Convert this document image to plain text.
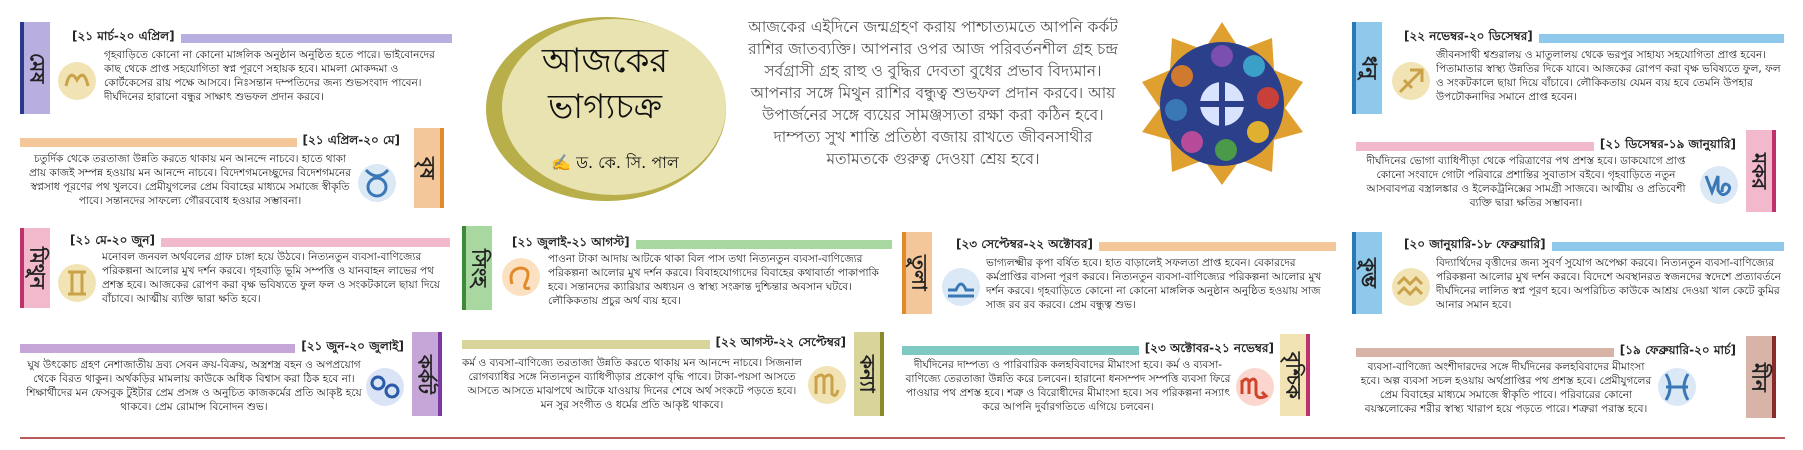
আজকের
ভাগ্যচক্র
✍ ড. কে. সি. পাল
আজকের এইদিনে জন্মগ্রহণ করায় পাশ্চাত্যমতে আপনি কর্কট রাশির জাতব্যক্তি। আপনার ওপর আজ পরিবর্তনশীল গ্রহ চন্দ্র সর্বগ্রাসী গ্রহ রাহু ও বুদ্ধির দেবতা বুধের প্রভাব বিদ্যমান। আপনার সঙ্গে মিথুন রাশির বন্ধুত্ব শুভফল প্রদান করবে। আয় উপার্জনের সঙ্গে ব্যয়ের সামঞ্জস্যতা রক্ষা করা কঠিন হবে। দাম্পত্য সুখ শান্তি প্রতিষ্ঠা বজায় রাখতে জীবনসাথীর মতামতকে গুরুত্ব দেওয়া শ্রেয় হবে।
মেষ
[২১ মার্চ-২০ এপ্রিল]
গৃহবাড়িতে কোনো না কোনো মাঙ্গলিক অনুষ্ঠান অনুষ্ঠিত হতে পারে। ভাইবোনদের কাছ থেকে প্রাপ্ত সহযোগিতা স্বপ্ন পূরণে সহায়ক হবে। মামলা মোকদ্দমা ও কোর্টকেসের রায় পক্ষে আসবে। নিঃসন্তান দম্পতিদের জন্য শুভসংবাদ পাবেন। দীর্ঘদিনের হারানো বন্ধুর সাক্ষাৎ শুভফল প্রদান করবে।
[২১ এপ্রিল-২০ মে]
বৃষ
চতুর্দিক থেকে তরতাজা উন্নতি করতে থাকায় মন আনন্দে নাচবে। হাতে থাকা প্রায় কাজই সম্পন্ন হওয়ায় মন আনন্দে নাচবে। বিদেশগমনেচ্ছুদের বিদেশগমনের স্বপ্নসাধ পূরণের পথ খুলবে। প্রেমীযুগলের প্রেম বিবাহের মাধ্যমে সমাজে স্বীকৃতি পাবে। সন্তানদের সাফল্যে গৌরববোধ হওয়ার সম্ভাবনা।
মিথুন
[২১ মে-২০ জুন]
মনোবল জনবল অর্থবলের গ্রাফ চাঙ্গা হয়ে উঠবে। নিত্যনতুন ব্যবসা-বাণিজ্যের পরিকল্পনা আলোর মুখ দর্শন করবে। গৃহবাড়ি ভূমি সম্পত্তি ও যানবাহন লাভের পথ প্রশস্ত হবে। আজকের রোপণ করা বৃক্ষ ভবিষ্যতে ফুল ফল ও সংকটকালে ছায়া দিয়ে বাঁচাবে। আত্মীয় ব্যক্তি দ্বারা ক্ষতি হবে।
[২১ জুন-২০ জুলাই]
কর্কট
ঘুষ উৎকোচ গ্রহণ নেশাজাতীয় দ্রব্য সেবন ক্রয়-বিক্রয়, অস্ত্রশস্ত্র বহন ও অপপ্রয়োগ থেকে বিরত থাকুন। অর্থকড়ির মামলায় কাউকে অধিক বিশ্বাস করা ঠিক হবে না। শিক্ষার্থীদের মন ফেসবুক টুইটার প্রেম প্রসঙ্গ ও অনুচিত কাজকর্মের প্রতি আকৃষ্ট হয়ে থাকবে। প্রেম রোমান্স বিনোদন শুভ।
সিংহ
[২১ জুলাই-২১ আগস্ট]
পাওনা টাকা আদায় আটকে থাকা বিল পাস তথা নিত্যনতুন ব্যবসা-বাণিজ্যের পরিকল্পনা আলোর মুখ দর্শন করবে। বিবাহযোগ্যদের বিবাহের কথাবার্তা পাকাপাকি হবে। সন্তানদের ক্যারিয়ার অধ্যয়ন ও স্বাস্থ্য সংক্রান্ত দুশ্চিন্তার অবসান ঘটবে। লৌকিকতায় প্রচুর অর্থ ব্যয় হবে।
[২২ আগস্ট-২২ সেপ্টেম্বর]
কন্যা
কর্ম ও ব্যবসা-বাণিজ্যে তরতাজা উন্নতি করতে থাকায় মন আনন্দে নাচবে। সিজনাল রোগব্যাধির সঙ্গে নিত্যনতুন ব্যাধিপীড়ার প্রকোপ বৃদ্ধি পাবে। টাকা-পয়সা আসতে আসতে আসতে মাঝপথে আটকে যাওয়ায় দিনের শেষে অর্থ সংকটে পড়তে হবে। মন সুর সংগীত ও ধর্মের প্রতি আকৃষ্ট থাকবে।
তুলা
[২৩ সেপ্টেম্বর-২২ অক্টোবর]
ভাগ্যলক্ষ্মীর কৃপা বর্ষিত হবে। হাত বাড়ালেই সফলতা প্রাপ্ত হবেন। বেকারদের কর্মপ্রাপ্তির বাসনা পূরণ করবে। নিত্যনতুন ব্যবসা-বাণিজ্যের পরিকল্পনা আলোর মুখ দর্শন করবে। গৃহবাড়িতে কোনো না কোনো মাঙ্গলিক অনুষ্ঠান অনুষ্ঠিত হওয়ায় সাজ সাজ রব রব করবে। প্রেম বন্ধুত্ব শুভ।
[২৩ অক্টোবর-২১ নভেম্বর]
বৃশ্চিক
দীর্ঘদিনের দাম্পত্য ও পারিবারিক কলহবিবাদের মীমাংসা হবে। কর্ম ও ব্যবসা-বাণিজ্যে তেরতাজা উন্নতি করে চলবেন। হারানো ধনসম্পদ সম্পত্তি ব্যবসা ফিরে পাওয়ার পথ প্রশস্ত হবে। শত্রু ও বিরোধীদের মীমাংসা হবে। সব পরিকল্পনা নস্যাৎ করে আপনি দুর্বারগতিতে এগিয়ে চলবেন।
ধনু
[২২ নভেম্বর-২০ ডিসেম্বর]
জীবনসাথী শ্বশুরালয় ও মাতুলালয় থেকে ভরপুর সাহায্য সহযোগিতা প্রাপ্ত হবেন। পিতামাতার স্বাস্থ্য উন্নতির দিকে যাবে। আজকের রোপণ করা বৃক্ষ ভবিষ্যতে ফুল, ফল ও সংকটকালে ছায়া দিয়ে বাঁচাবে। লৌকিকতায় যেমন ব্যয় হবে তেমনি উপহার উপঢৌকনাদির সমানে প্রাপ্ত হবেন।
[২১ ডিসেম্বর-১৯ জানুয়ারি]
মকর
দীর্ঘদিনের ভোগা ব্যাধিপীড়া থেকে পরিত্রাণের পথ প্রশস্ত হবে। ডাকযোগে প্রাপ্ত কোনো সংবাদে গোটা পরিবারে প্রশান্তির সুবাতাস বইবে। গৃহবাড়িতে নতুন আসবাবপত্র বস্ত্রালঙ্কার ও ইলেকট্রনিক্সের সামগ্রী সাজবে। আত্মীয় ও প্রতিবেশী ব্যক্তি দ্বারা ক্ষতির সম্ভাবনা।
কুম্ভ
[২০ জানুয়ারি-১৮ ফেব্রুয়ারি]
বিদ্যার্থিদের বৃত্তীদের জন্য সুবর্ণ সুযোগ অপেক্ষা করবে। নিত্যনতুন ব্যবসা-বাণিজ্যের পরিকল্পনা আলোর মুখ দর্শন করবে। বিদেশে অবস্থানরত স্বজনদের স্বদেশে প্রত্যাবর্তনে দীর্ঘদিনের লালিত স্বপ্ন পূরণ হবে। অপরিচিত কাউকে আশ্রয় দেওয়া খাল কেটে কুমির আনার সমান হবে।
[১৯ ফেব্রুয়ারি-২০ মার্চ]
মীন
ব্যবসা-বাণিজ্যে অংশীদারদের সঙ্গে দীর্ঘদিনের কলহবিবাদের মীমাংসা হবে। অল্প ব্যবসা সচল হওয়ায় অর্থপ্রাপ্তির পথ প্রশস্ত হবে। প্রেমীযুগলের প্রেম বিবাহের মাধ্যমে সমাজে স্বীকৃতি পাবে। পরিবারের কোনো বয়স্কলোকের শরীর স্বাস্থ্য খারাপ হয়ে পড়তে পারে। শত্রুরা পরাস্ত হবে।
